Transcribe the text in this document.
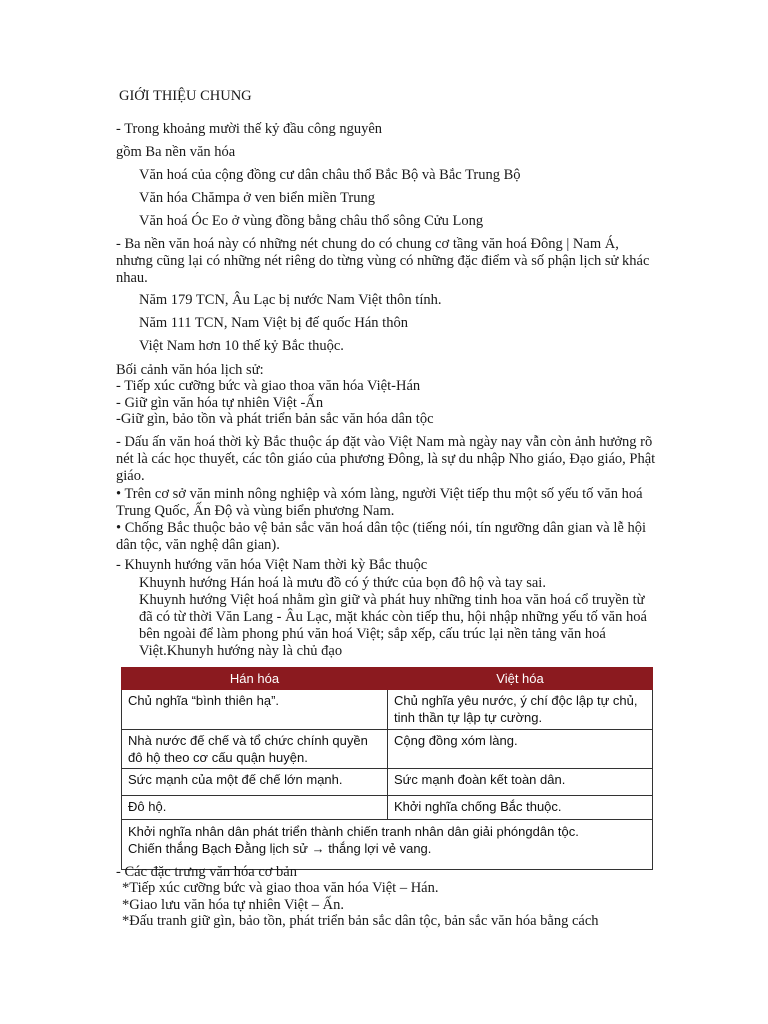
GIỚI THIỆU CHUNG
- Trong khoảng mười thế kỷ đầu công nguyên
gồm Ba nền văn hóa
Văn hoá của cộng đồng cư dân châu thổ Bắc Bộ và Bắc Trung Bộ
Văn hóa Chămpa ở ven biển miền Trung
Văn hoá Óc Eo ở vùng đồng bằng châu thổ sông Cửu Long
- Ba nền văn hoá này có những nét chung do có chung cơ tầng văn hoá Đông | Nam Á, nhưng cũng lại có những nét riêng do từng vùng có những đặc điểm và số phận lịch sử khác nhau.
Năm 179 TCN, Âu Lạc bị nước Nam Việt thôn tính.
Năm 111 TCN, Nam Việt bị đế quốc Hán thôn
Việt Nam hơn 10 thế kỷ Bắc thuộc.
Bối cảnh văn hóa lịch sử:
- Tiếp xúc cưỡng bức và giao thoa văn hóa Việt-Hán
- Giữ gìn văn hóa tự nhiên Việt -Ấn
-Giữ gìn, bảo tồn và phát triển bản sắc văn hóa dân tộc
- Dấu ấn văn hoá thời kỳ Bắc thuộc áp đặt vào Việt Nam mà ngày nay vẫn còn ảnh hưởng rõ nét là các học thuyết, các tôn giáo của phương Đông, là sự du nhập Nho giáo, Đạo giáo, Phật giáo.
• Trên cơ sở văn minh nông nghiệp và xóm làng, người Việt tiếp thu một số yếu tố văn hoá Trung Quốc, Ấn Độ và vùng biển phương Nam.
• Chống Bắc thuộc bảo vệ bản sắc văn hoá dân tộc (tiếng nói, tín ngưỡng dân gian và lễ hội dân tộc, văn nghệ dân gian).
- Khuynh hướng văn hóa Việt Nam thời kỳ Bắc thuộc
Khuynh hướng Hán hoá là mưu đồ có ý thức của bọn đô hộ và tay sai.
Khuynh hướng Việt hoá nhằm gìn giữ và phát huy những tinh hoa văn hoá cổ truyền từ đã có từ thời Văn Lang - Âu Lạc, mặt khác còn tiếp thu, hội nhập những yếu tố văn hoá bên ngoài để làm phong phú văn hoá Việt; sắp xếp, cấu trúc lại nền tảng văn hoá Việt.Khunyh hướng này là chủ đạo
Hán hóa	Việt hóa
Chủ nghĩa “bình thiên hạ”.	Chủ nghĩa yêu nước, ý chí độc lập tự chủ, tinh thần tự lập tự cường.
Nhà nước đế chế và tổ chức chính quyền đô hộ theo cơ cấu quận huyện.	Cộng đồng xóm làng.
Sức mạnh của một đế chế lớn mạnh.	Sức mạnh đoàn kết toàn dân.
Đô hộ.	Khởi nghĩa chống Bắc thuộc.

Khởi nghĩa nhân dân phát triển thành chiến tranh nhân dân giải phóngdân tộc.
Chiến thắng Bạch Đằng lịch sử → thắng lợi vẻ vang.	
- Các đặc trưng văn hóa cơ bản
*Tiếp xúc cưỡng bức và giao thoa văn hóa Việt – Hán.
*Giao lưu văn hóa tự nhiên Việt – Ấn.
*Đấu tranh giữ gìn, bảo tồn, phát triển bản sắc dân tộc, bản sắc văn hóa bằng cách
